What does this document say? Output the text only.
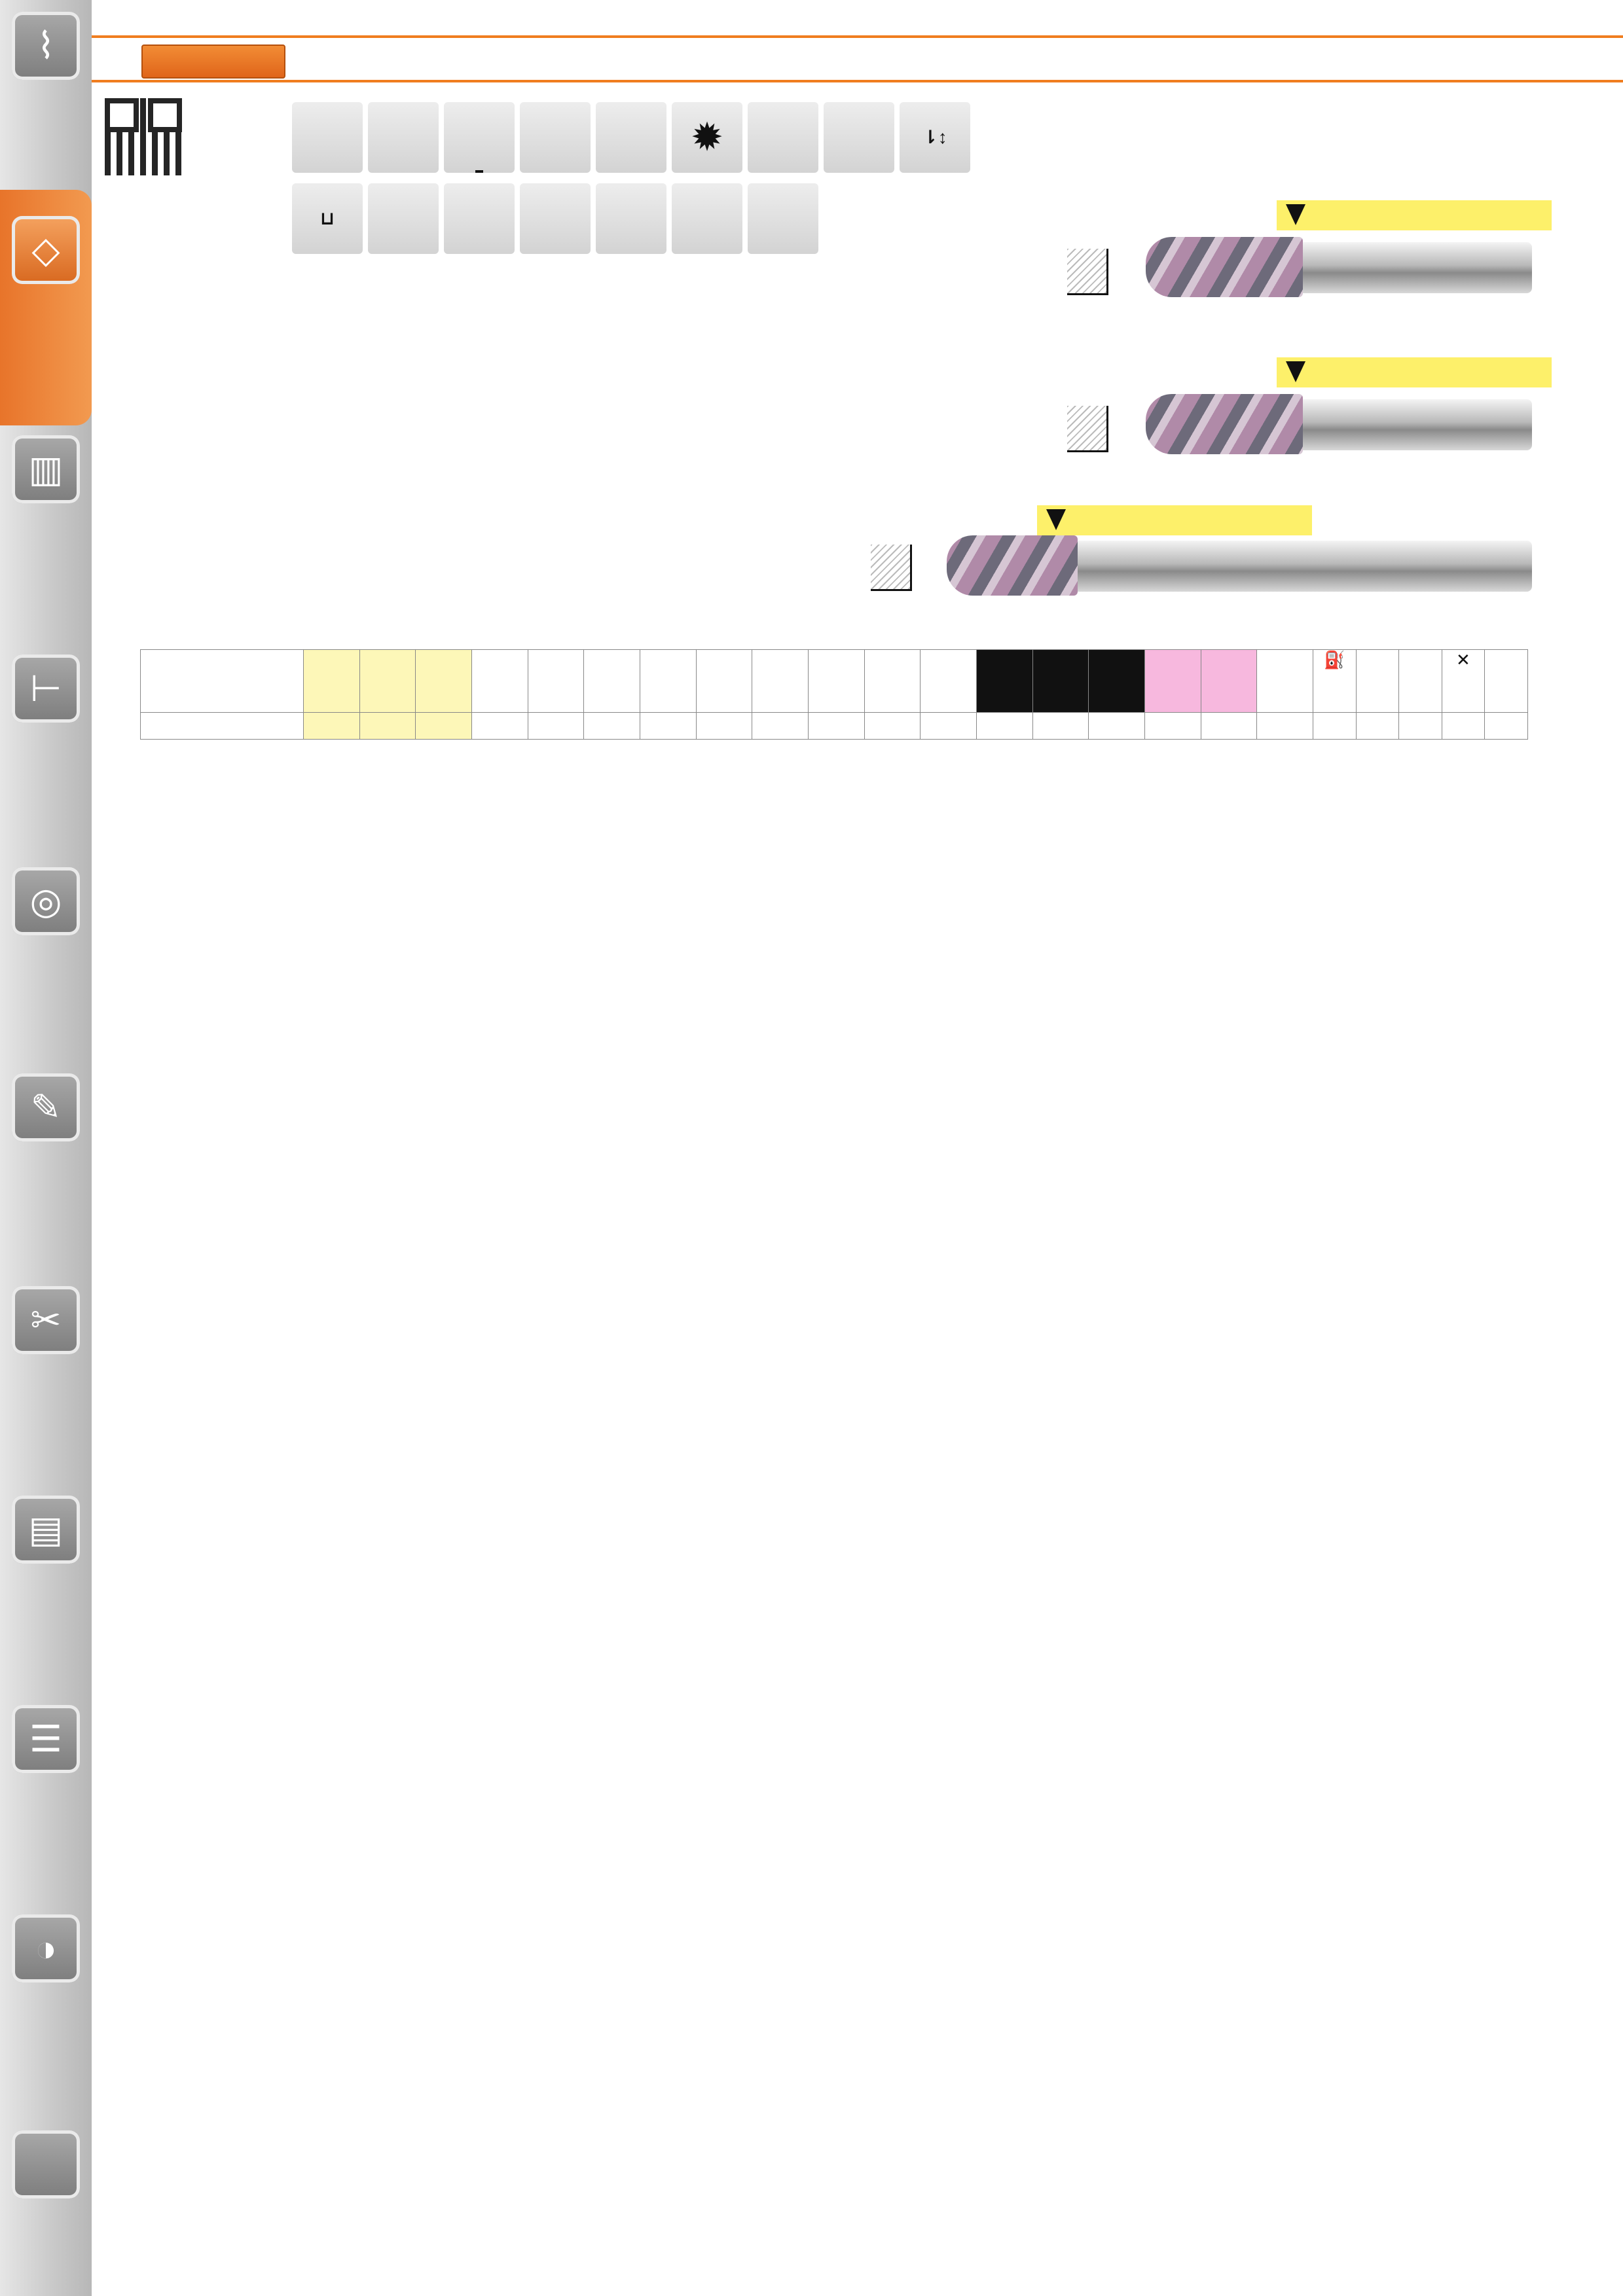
⌇
◇
▥
⊢
◎
✎
✂
▤
☰
◑
✹	⇂↕
⊔
																			⛽			✕	
